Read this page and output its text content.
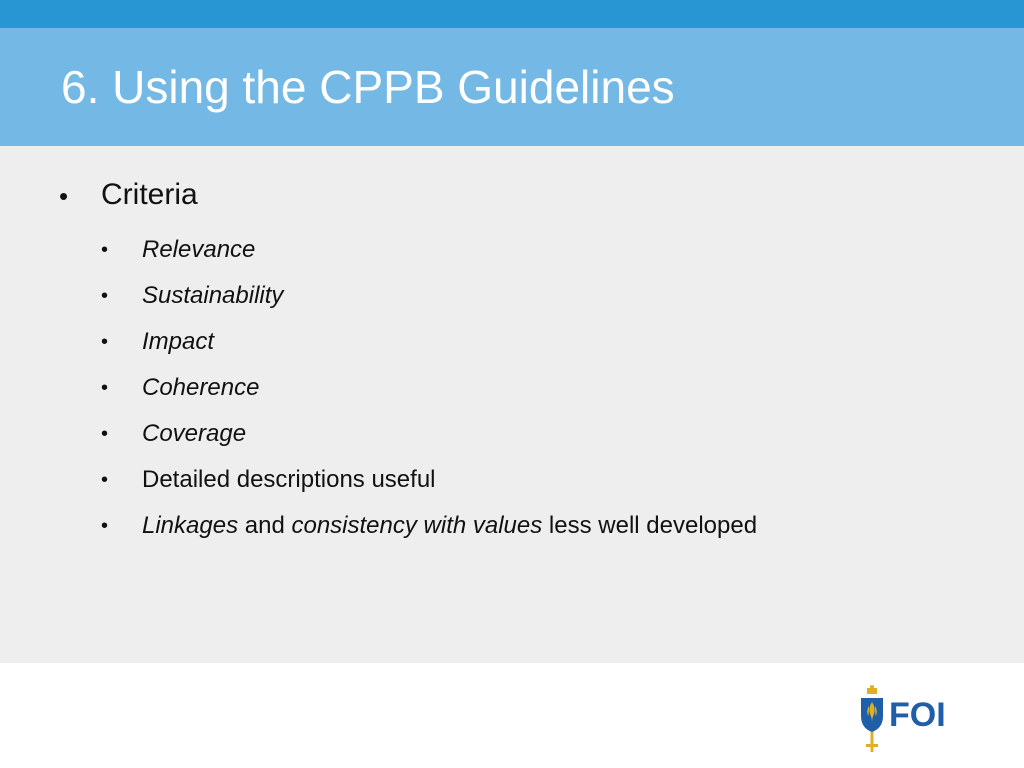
6. Using the CPPB Guidelines
• Criteria
• Relevance
• Sustainability
• Impact
• Coherence
• Coverage
• Detailed descriptions useful
• Linkages and consistency with values less well developed
FOI
